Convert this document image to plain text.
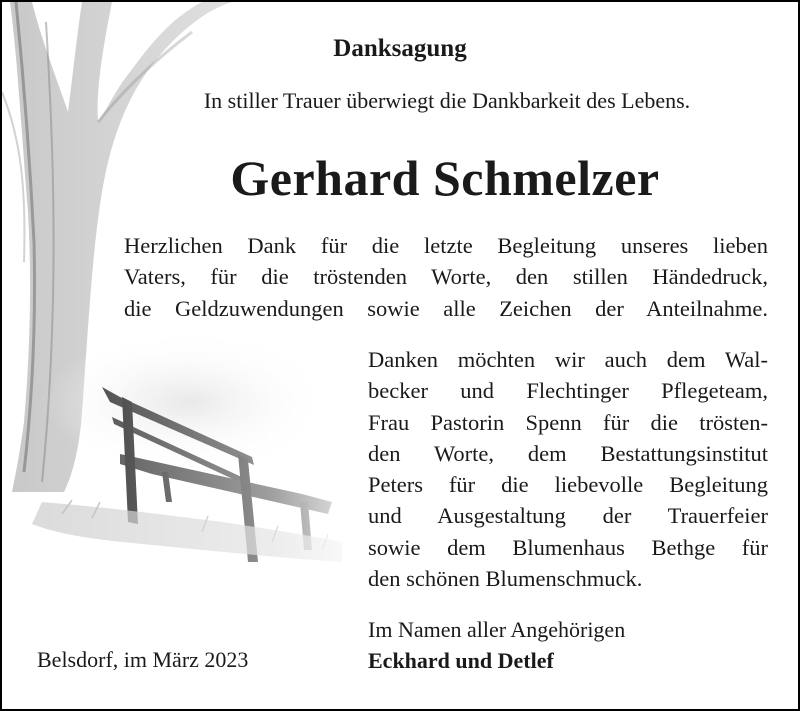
Danksagung

In stiller Trauer überwiegt die Dankbarkeit des Lebens.

Gerhard Schmelzer
Herzlichen Dank für die letzte Begleitung unseres lieben
Vaters, für die tröstenden Worte, den stillen Händedruck,
die Geldzuwendungen sowie alle Zeichen der Anteilnahme.
Danken möchten wir auch dem Wal-
becker und Flechtinger Pflegeteam,
Frau Pastorin Spenn für die trösten-
den Worte, dem Bestattungsinstitut
Peters für die liebevolle Begleitung
und Ausgestaltung der Trauerfeier
sowie dem Blumenhaus Bethge für
den schönen Blumenschmuck.

Belsdorf, im März 2023

Im Namen aller Angehörigen

Eckhard und Detlef
